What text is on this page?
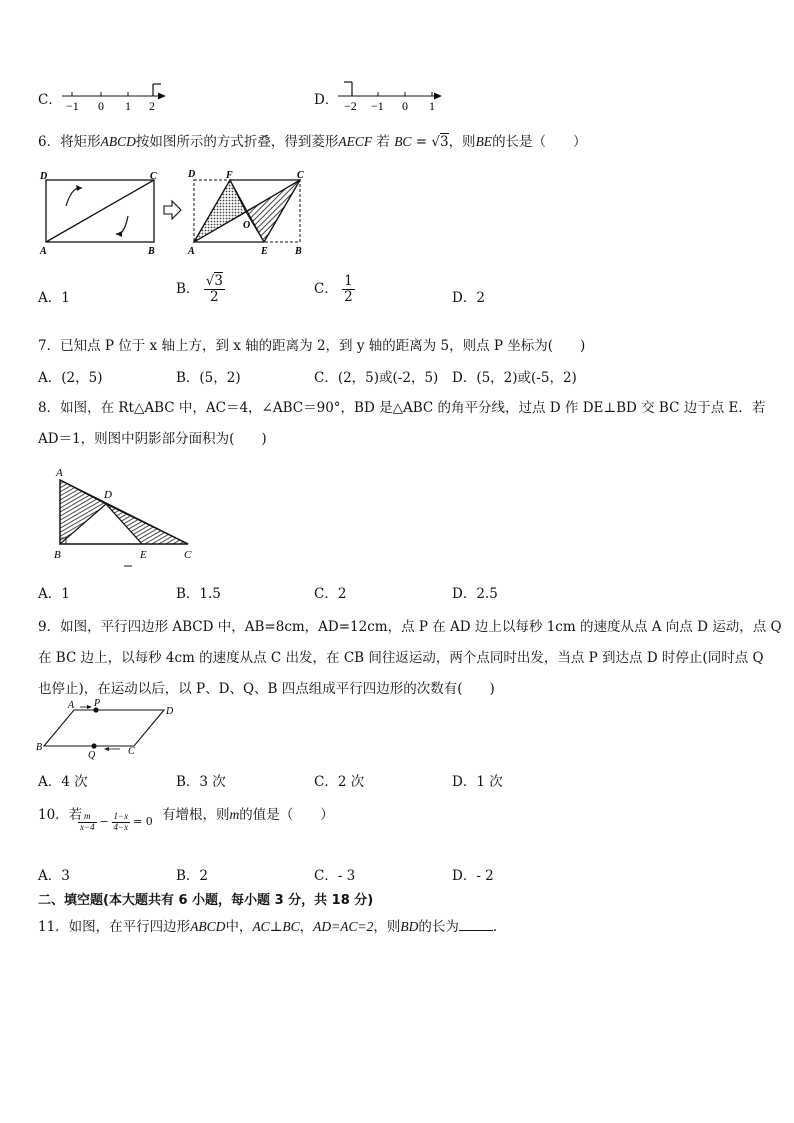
C． −1 0 1 2	D． −2 −1 0 1
6．将矩形ABCD按如图所示的方式折叠，得到菱形AECF 若 BC = √3，则BE的长是（　　）
D	C
A	B
D	F	C
O
A	E	B
A．1
B． $\frac{√3}{2}$	C． $\frac{1}{2}$	D．2
7．已知点 P 位于 x 轴上方，到 x 轴的距离为 2，到 y 轴的距离为 5，则点 P 坐标为(　　)
A．(2，5)	B．(5，2)	C．(2，5)或(-2，5) D．(5，2)或(-5，2)
8．如图，在 Rt△ABC 中，AC＝4，∠ABC＝90°，BD 是△ABC 的角平分线，过点 D 作 DE⊥BD 交 BC 边于点 E．若
AD＝1，则图中阴影部分面积为(　　)
A
D
B	E	C
A．1	B．1.5	C．2	D．2.5
9．如图，平行四边形 ABCD 中，AB=8cm，AD=12cm，点 P 在 AD 边上以每秒 1cm 的速度从点 A 向点 D 运动，点 Q
在 BC 边上，以每秒 4cm 的速度从点 C 出发，在 CB 间往返运动，两个点同时出发，当点 P 到达点 D 时停止(同时点 Q
也停止)，在运动以后，以 P、D、Q、B 四点组成平行四边形的次数有(　　)
A P
D
B
Q	C
A．4 次	B．3 次	C．2 次	D．1 次
10．若
$\frac{m}{x-4} - \frac{1-x}{4-x} = 0$ 有增根，则m的值是（　　）
A．3	B．2	C．- 3	D．- 2
二、填空题(本大题共有 6 小题，每小题 3 分，共 18 分)
11．如图，在平行四边形ABCD中，AC⊥BC，AD=AC=2，则BD的长为	．
